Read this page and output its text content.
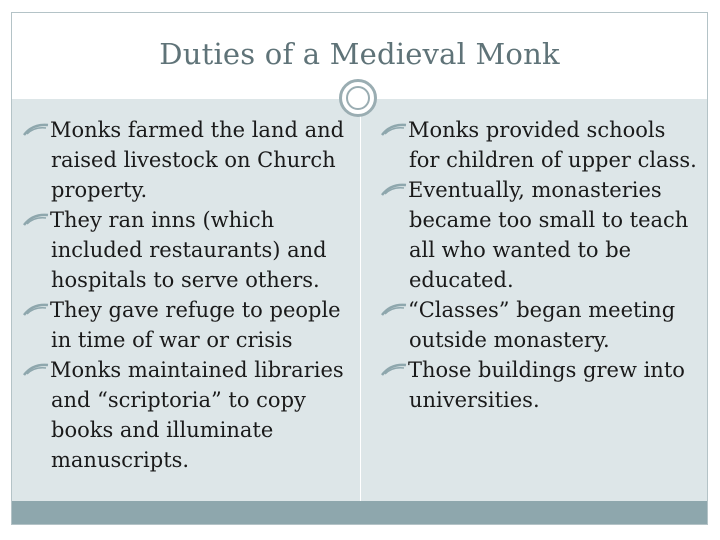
Duties of a Medieval Monk
Monks farmed the land and raised livestock on Church property.
They ran inns (which included restaurants) and hospitals to serve others.
They gave refuge to people in time of war or crisis
Monks maintained libraries and “scriptoria” to copy books and illuminate manuscripts.
Monks provided schools for children of upper class.
Eventually, monasteries became too small to teach all who wanted to be educated.
“Classes” began meeting outside monastery.
Those buildings grew into universities.
